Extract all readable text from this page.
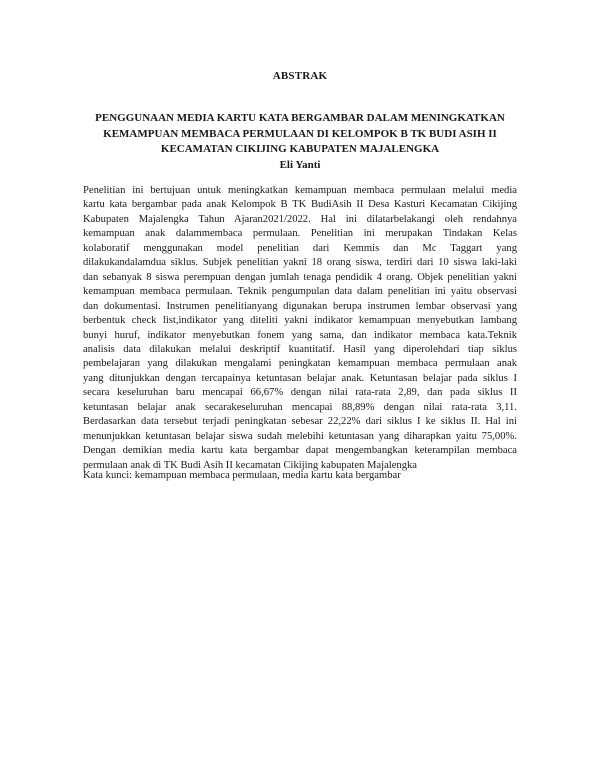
ABSTRAK
PENGGUNAAN MEDIA KARTU KATA BERGAMBAR DALAM MENINGKATKAN
KEMAMPUAN MEMBACA PERMULAAN DI KELOMPOK B TK BUDI ASIH II
KECAMATAN CIKIJING KABUPATEN MAJALENGKA
Eli Yanti
Penelitian ini bertujuan untuk meningkatkan kemampuan membaca permulaan melalui media
kartu kata bergambar pada anak Kelompok B TK BudiAsih II Desa Kasturi Kecamatan Cikijing
Kabupaten Majalengka Tahun Ajaran2021/2022. Hal ini dilatarbelakangi oleh rendahnya
kemampuan anak dalammembaca permulaan. Penelitian ini merupakan Tindakan Kelas
kolaboratif menggunakan model penelitian dari Kemmis dan Mc Taggart yang
dilakukandalamdua siklus. Subjek penelitian yakni 18 orang siswa, terdiri dari 10 siswa laki-laki
dan sebanyak 8 siswa perempuan dengan jumlah tenaga pendidik 4 orang. Objek penelitian yakni
kemampuan membaca permulaan. Teknik pengumpulan data dalam penelitian ini yaitu observasi
dan dokumentasi. Instrumen penelitianyang digunakan berupa instrumen lembar observasi yang
berbentuk check list,indikator yang diteliti yakni indikator kemampuan menyebutkan lambang
bunyi huruf, indikator menyebutkan fonem yang sama, dan indikator membaca kata.Teknik
analisis data dilakukan melalui deskriptif kuantitatif. Hasil yang diperolehdari tiap siklus
pembelajaran yang dilakukan mengalami peningkatan kemampuan membaca permulaan anak
yang ditunjukkan dengan tercapainya ketuntasan belajar anak. Ketuntasan belajar pada siklus I
secara keseluruhan baru mencapai 66,67% dengan nilai rata-rata 2,89, dan pada siklus II
ketuntasan belajar anak secarakeseluruhan mencapai 88,89% dengan nilai rata-rata 3,11.
Berdasarkan data tersebut terjadi peningkatan sebesar 22,22% dari siklus I ke siklus II. Hal ini
menunjukkan ketuntasan belajar siswa sudah melebihi ketuntasan yang diharapkan yaitu 75,00%.
Dengan demikian media kartu kata bergambar dapat mengembangkan keterampilan membaca
permulaan anak di TK Budi Asih II kecamatan Cikijing kabupaten Majalengka
Kata kunci: kemampuan membaca permulaan, media kartu kata bergambar
